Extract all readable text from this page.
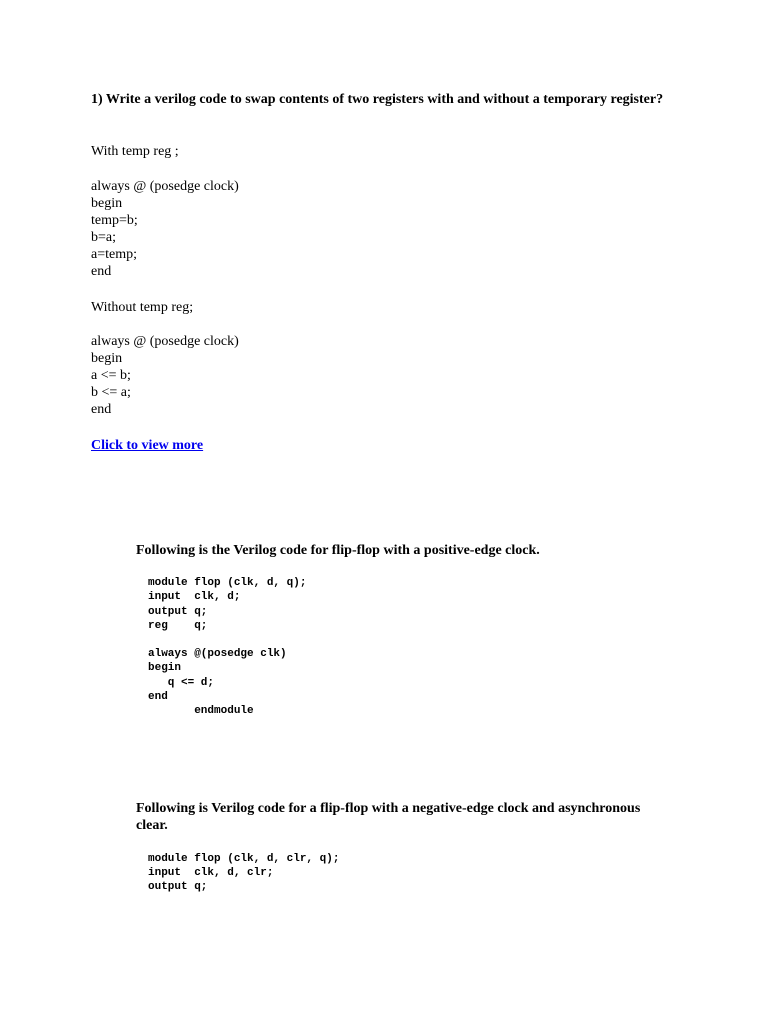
1) Write a verilog code to swap contents of two registers with and without a temporary register?
With temp reg ;
always @ (posedge clock)
begin
temp=b;
b=a;
a=temp;
end
Without temp reg;
always @ (posedge clock)
begin
a <= b;
b <= a;
end
Click to view more
Following is the Verilog code for flip-flop with a positive-edge clock.
module flop (clk, d, q);
input  clk, d;
output q;
reg    q;
always @(posedge clk)
begin
q <= d;
end
endmodule
Following is Verilog code for a flip-flop with a negative-edge clock and asynchronous clear.
module flop (clk, d, clr, q);
input  clk, d, clr;
output q;
